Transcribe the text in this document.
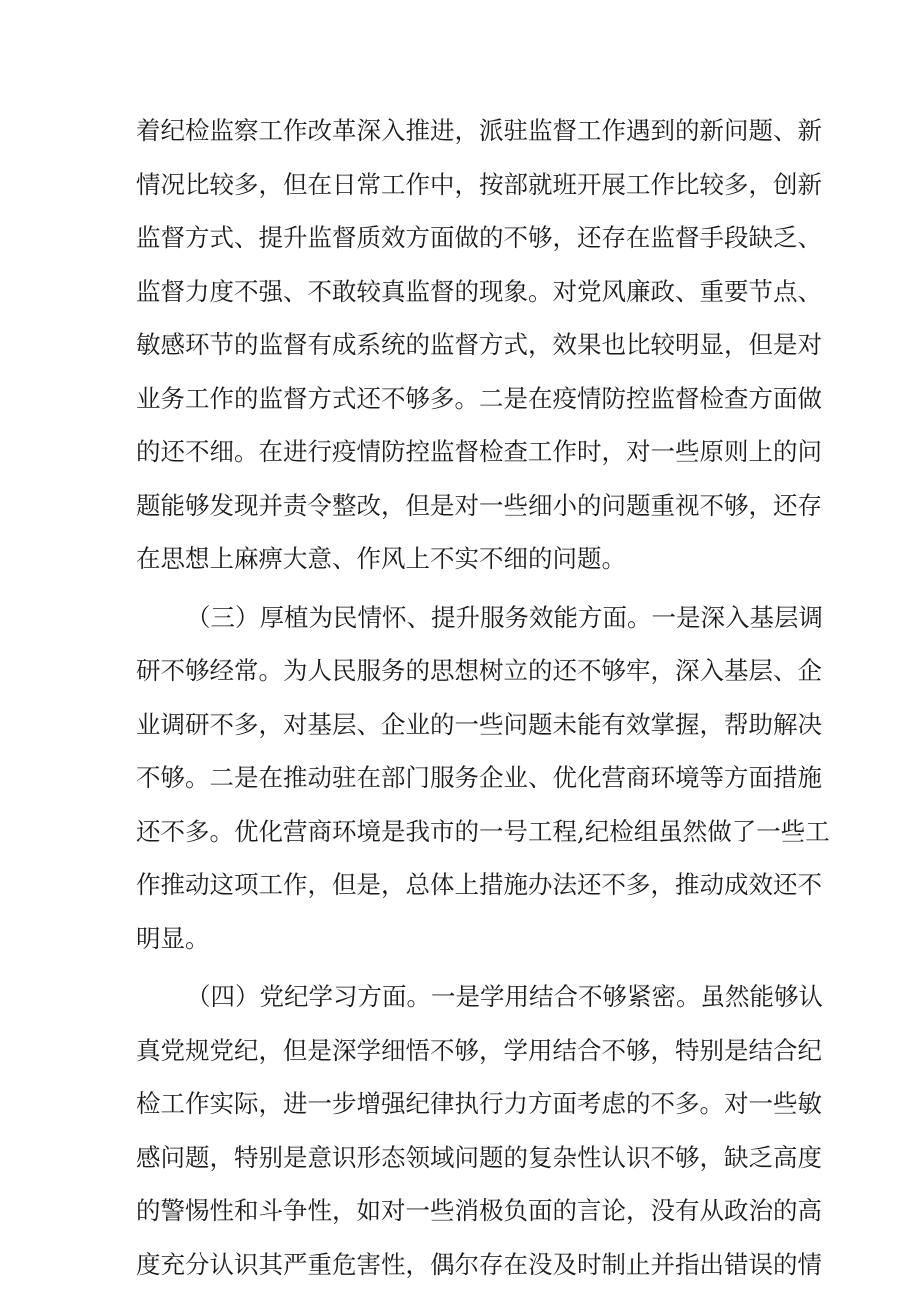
着纪检监察工作改革深入推进，派驻监督工作遇到的新问题、新
情况比较多，但在日常工作中，按部就班开展工作比较多，创新
监督方式、提升监督质效方面做的不够，还存在监督手段缺乏、
监督力度不强、不敢较真监督的现象。对党风廉政、重要节点、
敏感环节的监督有成系统的监督方式，效果也比较明显，但是对
业务工作的监督方式还不够多。二是在疫情防控监督检查方面做
的还不细。在进行疫情防控监督检查工作时，对一些原则上的问
题能够发现并责令整改，但是对一些细小的问题重视不够，还存
在思想上麻痹大意、作风上不实不细的问题。
（三）厚植为民情怀、提升服务效能方面。一是深入基层调
研不够经常。为人民服务的思想树立的还不够牢，深入基层、企
业调研不多，对基层、企业的一些问题未能有效掌握，帮助解决
不够。二是在推动驻在部门服务企业、优化营商环境等方面措施
还不多。优化营商环境是我市的一号工程,纪检组虽然做了一些工
作推动这项工作，但是，总体上措施办法还不多，推动成效还不
明显。
（四）党纪学习方面。一是学用结合不够紧密。虽然能够认
真党规党纪，但是深学细悟不够，学用结合不够，特别是结合纪
检工作实际，进一步增强纪律执行力方面考虑的不多。对一些敏
感问题，特别是意识形态领域问题的复杂性认识不够，缺乏高度
的警惕性和斗争性，如对一些消极负面的言论，没有从政治的高
度充分认识其严重危害性，偶尔存在没及时制止并指出错误的情
